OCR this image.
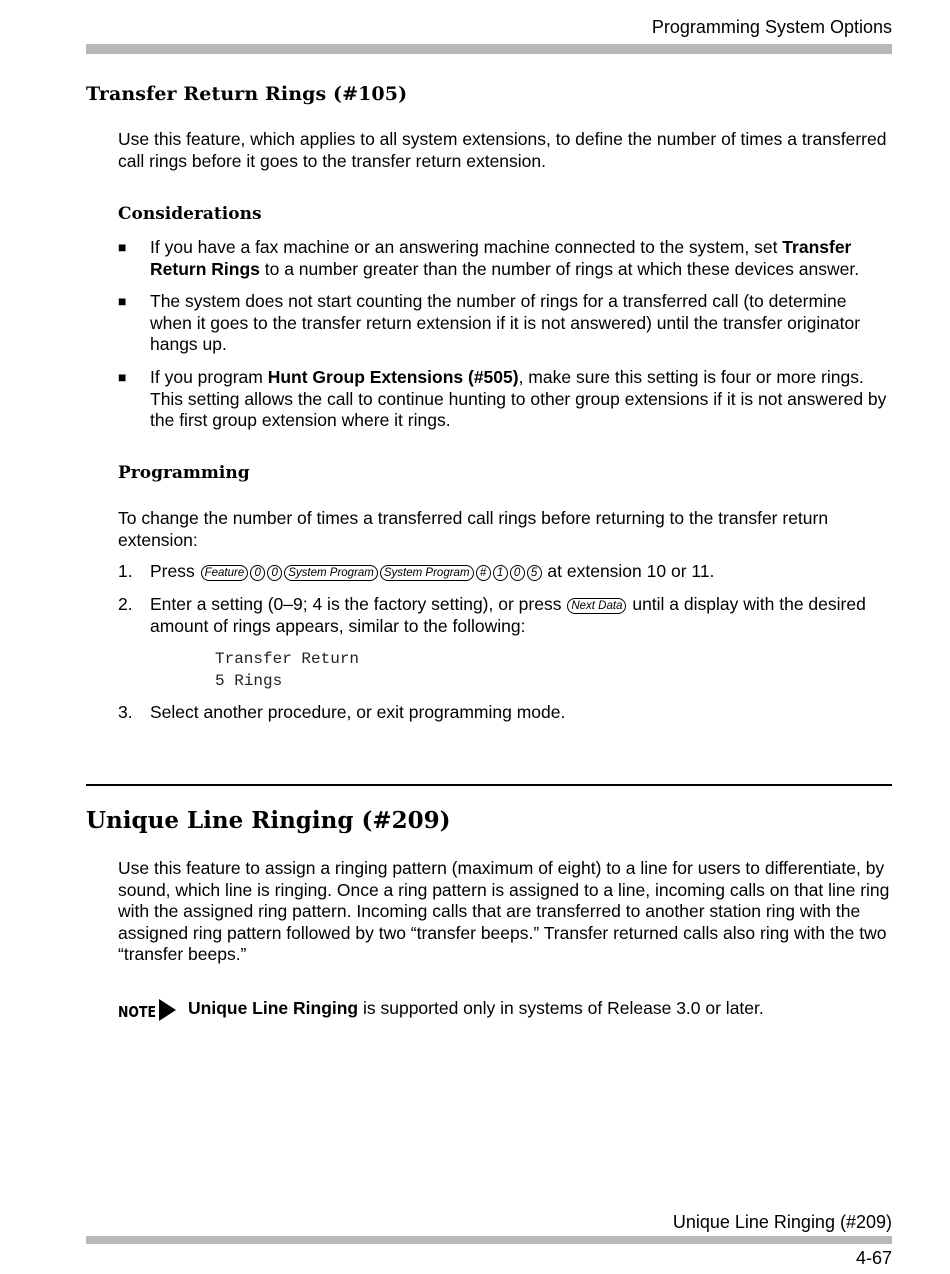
Programming System Options
Transfer Return Rings (#105)
Use this feature, which applies to all system extensions, to define the number of times a transferred call rings before it goes to the transfer return extension.
Considerations
■ If you have a fax machine or an answering machine connected to the system, set Transfer Return Rings to a number greater than the number of rings at which these devices answer.
■ The system does not start counting the number of rings for a transferred call (to determine when it goes to the transfer return extension if it is not answered) until the transfer originator hangs up.
■ If you program Hunt Group Extensions (#505), make sure this setting is four or more rings. This setting allows the call to continue hunting to other group extensions if it is not answered by the first group extension where it rings.
Programming
To change the number of times a transferred call rings before returning to the transfer return extension:
1. Press Feature 0 0 System Program System Program # 1 0 5 at extension 10 or 11.
2. Enter a setting (0–9; 4 is the factory setting), or press Next Data until a display with the desired amount of rings appears, similar to the following:
Transfer Return
5 Rings
3. Select another procedure, or exit programming mode.
Unique Line Ringing (#209)
Use this feature to assign a ringing pattern (maximum of eight) to a line for users to differentiate, by sound, which line is ringing. Once a ring pattern is assigned to a line, incoming calls on that line ring with the assigned ring pattern. Incoming calls that are transferred to another station ring with the assigned ring pattern followed by two “transfer beeps.” Transfer returned calls also ring with the two “transfer beeps.”
NOTE Unique Line Ringing is supported only in systems of Release 3.0 or later.
Unique Line Ringing (#209)
4-67
